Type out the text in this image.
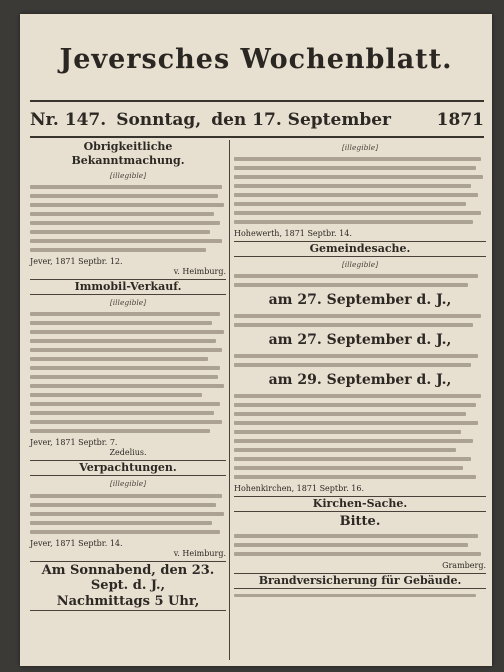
Jeversches Wochenblatt.
Nr. 147. Sonntag, den 17. September	1871
Obrigkeitliche Bekanntmachung.
[illegible]
Jever, 1871 Septbr. 12.
v. Heimburg.
Immobil-Verkauf.
[illegible]
Jever, 1871 Septbr. 7.
Zedelius.
Verpachtungen.
[illegible]
Jever, 1871 Septbr. 14.
v. Heimburg.
Am Sonnabend, den 23. Sept. d. J.,
Nachmittags 5 Uhr,
[illegible]
Hohewerth, 1871 Septbr. 14.
Gemeindesache.
[illegible]
am 27. September d. J.,
am 27. September d. J.,
am 29. September d. J.,
Hohenkirchen, 1871 Septbr. 16.
Kirchen-Sache.
Bitte.
Gramberg.
Brandversicherung für Gebäude.
